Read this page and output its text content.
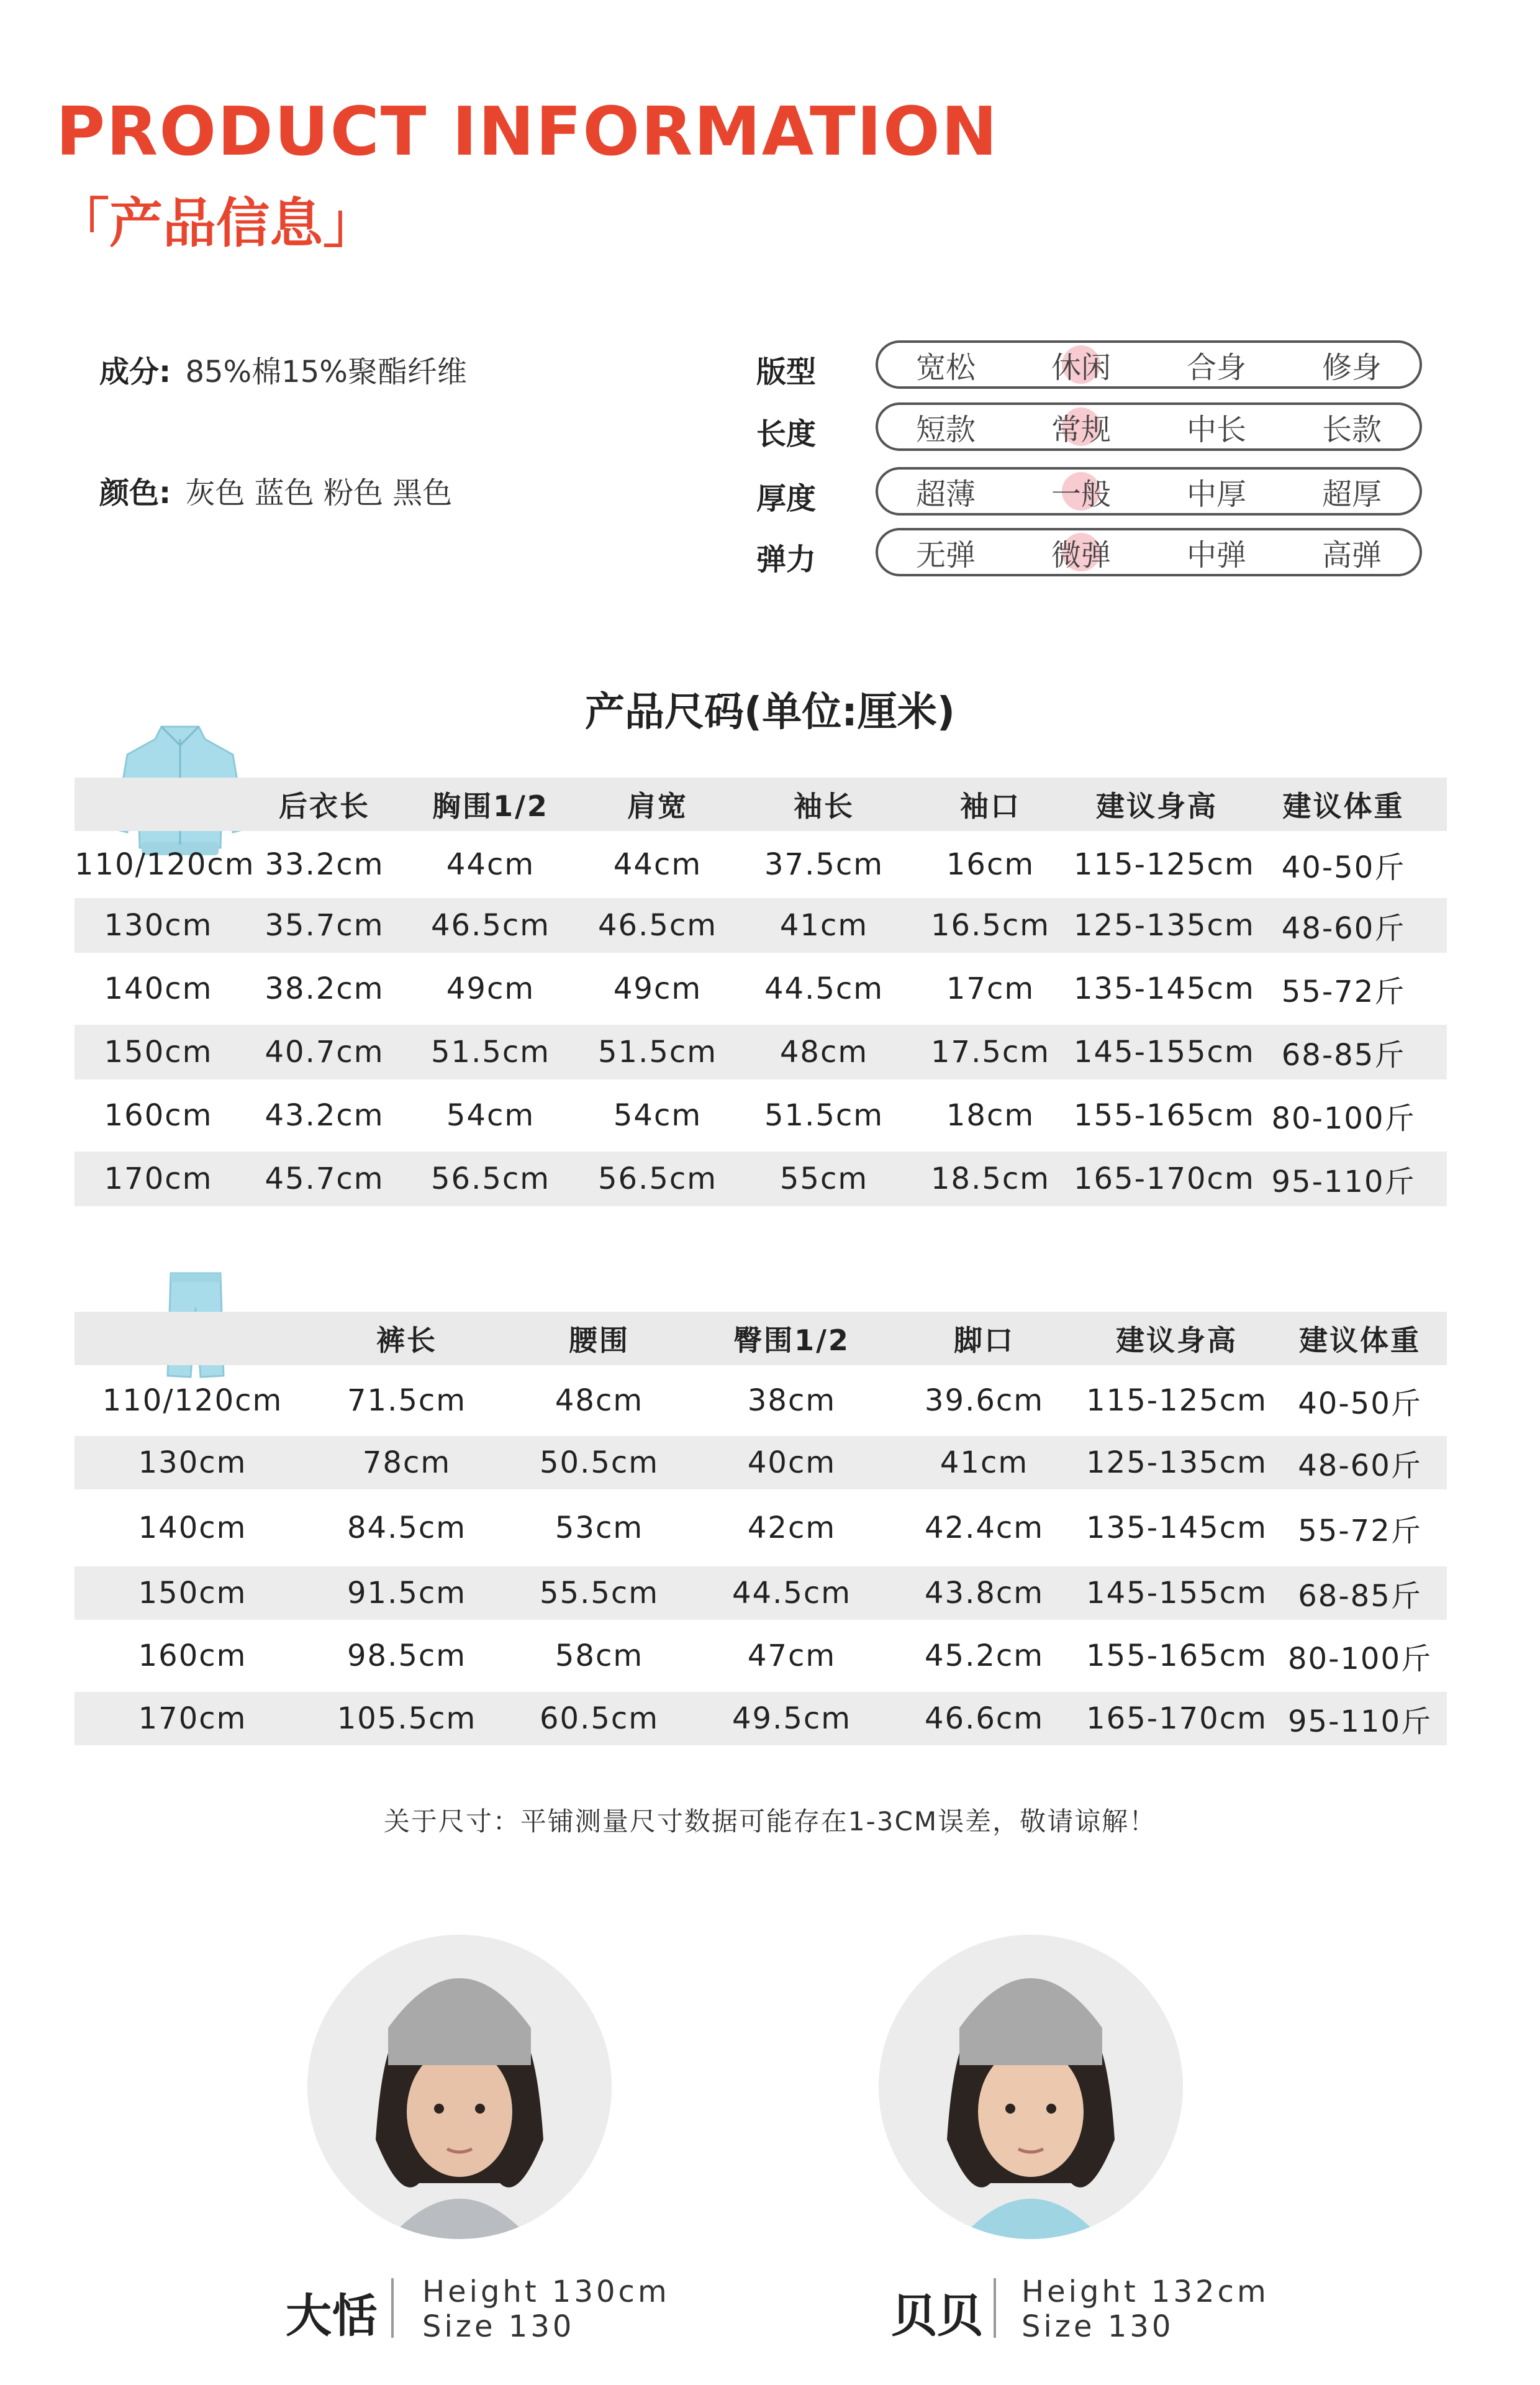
PRODUCT INFORMATION
「产品信息」
成分: 85%棉15%聚酯纤维
颜色: 灰色 蓝色 粉色 黑色
版型	宽松	休闲	合身	修身
长度	短款	常规	中长	长款
厚度	超薄	一般	中厚	超厚
弹力	无弹	微弹	中弹	高弹
产品尺码(单位:厘米)
	后衣长	胸围1/2	肩宽	袖长	袖口	建议身高	建议体重
110/120cm	33.2cm	44cm	44cm	37.5cm	16cm	115-125cm	40-50斤
130cm	35.7cm	46.5cm	46.5cm	41cm	16.5cm	125-135cm	48-60斤
140cm	38.2cm	49cm	49cm	44.5cm	17cm	135-145cm	55-72斤
150cm	40.7cm	51.5cm	51.5cm	48cm	17.5cm	145-155cm	68-85斤
160cm	43.2cm	54cm	54cm	51.5cm	18cm	155-165cm	80-100斤
170cm	45.7cm	56.5cm	56.5cm	55cm	18.5cm	165-170cm	95-110斤
	裤长	腰围	臀围1/2	脚口	建议身高	建议体重
110/120cm	71.5cm	48cm	38cm	39.6cm	115-125cm	40-50斤
130cm	78cm	50.5cm	40cm	41cm	125-135cm	48-60斤
140cm	84.5cm	53cm	42cm	42.4cm	135-145cm	55-72斤
150cm	91.5cm	55.5cm	44.5cm	43.8cm	145-155cm	68-85斤
160cm	98.5cm	58cm	47cm	45.2cm	155-165cm	80-100斤
170cm	105.5cm	60.5cm	49.5cm	46.6cm	165-170cm	95-110斤
关于尺寸：平铺测量尺寸数据可能存在1-3CM误差，敬请谅解！
大恬 Height 130cm
Size 130	贝贝 Height 132cm
Size 130
